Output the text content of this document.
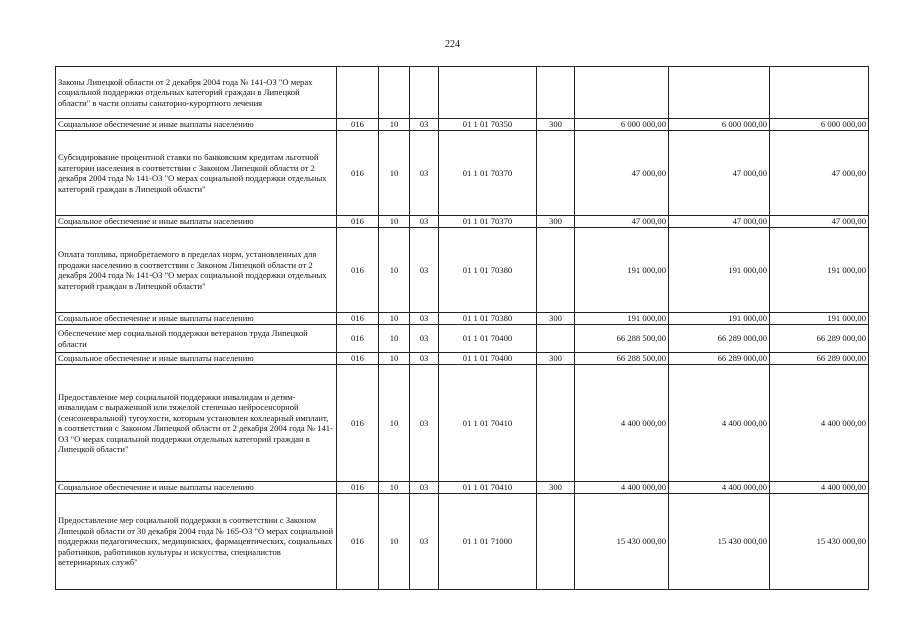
224
Законы Липецкой области от 2 декабря 2004 года № 141-ОЗ "О мерах социальной поддержки отдельных категорий граждан в Липецкой области" в части оплаты санаторно-курортного лечения								
Социальное обеспечение и иные выплаты населению	016	10	03	01 1 01 70350	300	6 000 000,00	6 000 000,00	6 000 000,00
Субсидирование процентной ставки по банковским кредитам льготной категории населения в соответствии с Законом Липецкой области от 2 декабря 2004 года № 141-ОЗ "О мерах социальной поддержки отдельных категорий граждан в Липецкой области"	016	10	03	01 1 01 70370		47 000,00	47 000,00	47 000,00
Социальное обеспечение и иные выплаты населению	016	10	03	01 1 01 70370	300	47 000,00	47 000,00	47 000,00
Оплата топлива, приобретаемого в пределах норм, установленных для продажи населению в соответствии с Законом Липецкой области от 2 декабря 2004 года № 141-ОЗ "О мерах социальной поддержки отдельных категорий граждан в Липецкой области"	016	10	03	01 1 01 70380		191 000,00	191 000,00	191 000,00
Социальное обеспечение и иные выплаты населению	016	10	03	01 1 01 70380	300	191 000,00	191 000,00	191 000,00
Обеспечение мер социальной поддержки ветеранов труда Липецкой области	016	10	03	01 1 01 70400		66 288 500,00	66 289 000,00	66 289 000,00
Социальное обеспечение и иные выплаты населению	016	10	03	01 1 01 70400	300	66 288 500,00	66 289 000,00	66 289 000,00
Предоставление мер социальной поддержки инвалидам и детям-инвалидам с выраженной или тяжелой степенью нейросенсорной (сенсоневральной) тугоухости, которым установлен кохлеарный имплант, в соответствии с Законом Липецкой области от 2 декабря 2004 года № 141-ОЗ "О мерах социальной поддержки отдельных категорий граждан в Липецкой области"	016	10	03	01 1 01 70410		4 400 000,00	4 400 000,00	4 400 000,00
Социальное обеспечение и иные выплаты населению	016	10	03	01 1 01 70410	300	4 400 000,00	4 400 000,00	4 400 000,00
Предоставление мер социальной поддержки в соответствии с Законом Липецкой области от 30 декабря 2004 года № 165-ОЗ "О мерах социальной поддержки педагогических, медицинских, фармацевтических, социальных работников, работников культуры и искусства, специалистов ветеринарных служб"	016	10	03	01 1 01 71000		15 430 000,00	15 430 000,00	15 430 000,00
